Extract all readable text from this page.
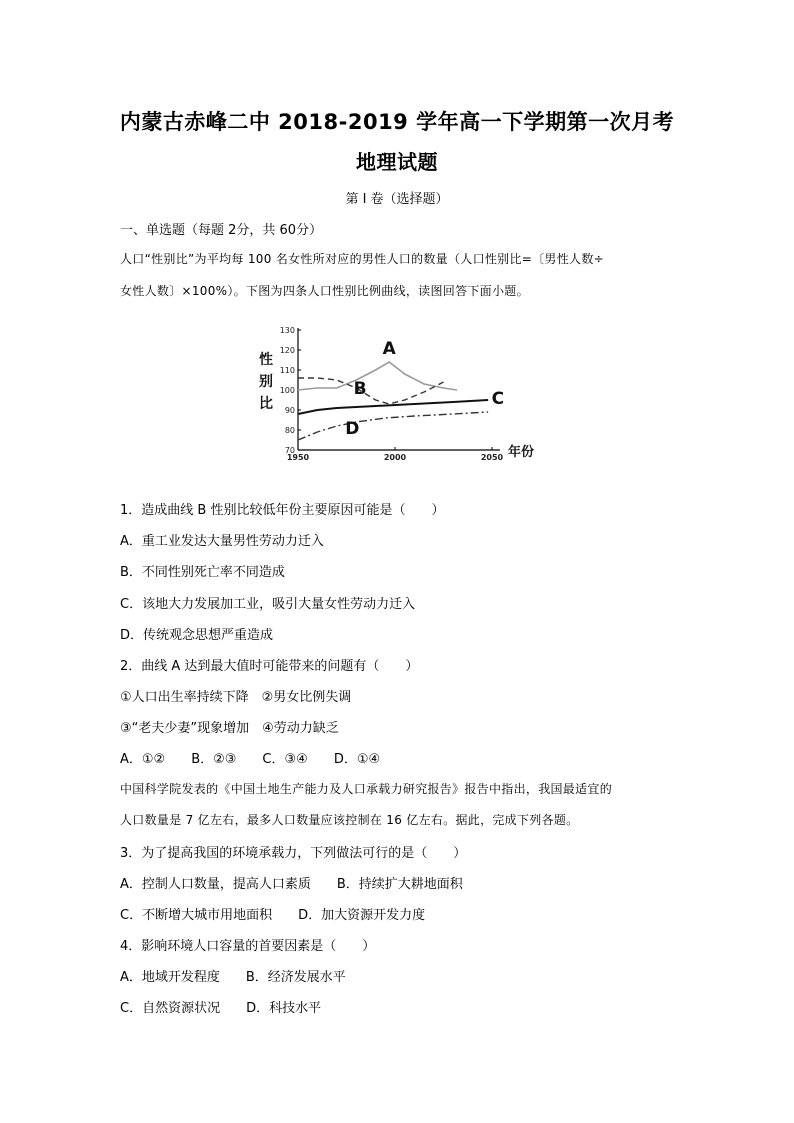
内蒙古赤峰二中 2018-2019 学年高一下学期第一次月考
地理试题
第 I 卷（选择题）
一、单选题（每题 2分，共 60分）
人口“性别比”为平均每 100 名女性所对应的男性人口的数量（人口性别比=〔男性人数÷
女性人数〕×100%）。下图为四条人口性别比例曲线，读图回答下面小题。
130
120
110
100
90
80
70
1950	2000	2050
性
别
比
年份
A
B	C
D
1．造成曲线 B 性别比较低年份主要原因可能是（　　）
A．重工业发达大量男性劳动力迁入
B．不同性别死亡率不同造成
C．该地大力发展加工业，吸引大量女性劳动力迁入
D．传统观念思想严重造成
2．曲线 A 达到最大值时可能带来的问题有（　　）
①人口出生率持续下降　②男女比例失调
③“老夫少妻”现象增加　④劳动力缺乏
A．①②　　B．②③　　C．③④　　D．①④
中国科学院发表的《中国土地生产能力及人口承载力研究报告》报告中指出，我国最适宜的
人口数量是 7 亿左右，最多人口数量应该控制在 16 亿左右。据此，完成下列各题。
3．为了提高我国的环境承载力，下列做法可行的是（　　）
A．控制人口数量，提高人口素质　　B．持续扩大耕地面积
C．不断增大城市用地面积　　D．加大资源开发力度
4．影响环境人口容量的首要因素是（　　）
A．地域开发程度　　B．经济发展水平
C．自然资源状况　　D．科技水平
